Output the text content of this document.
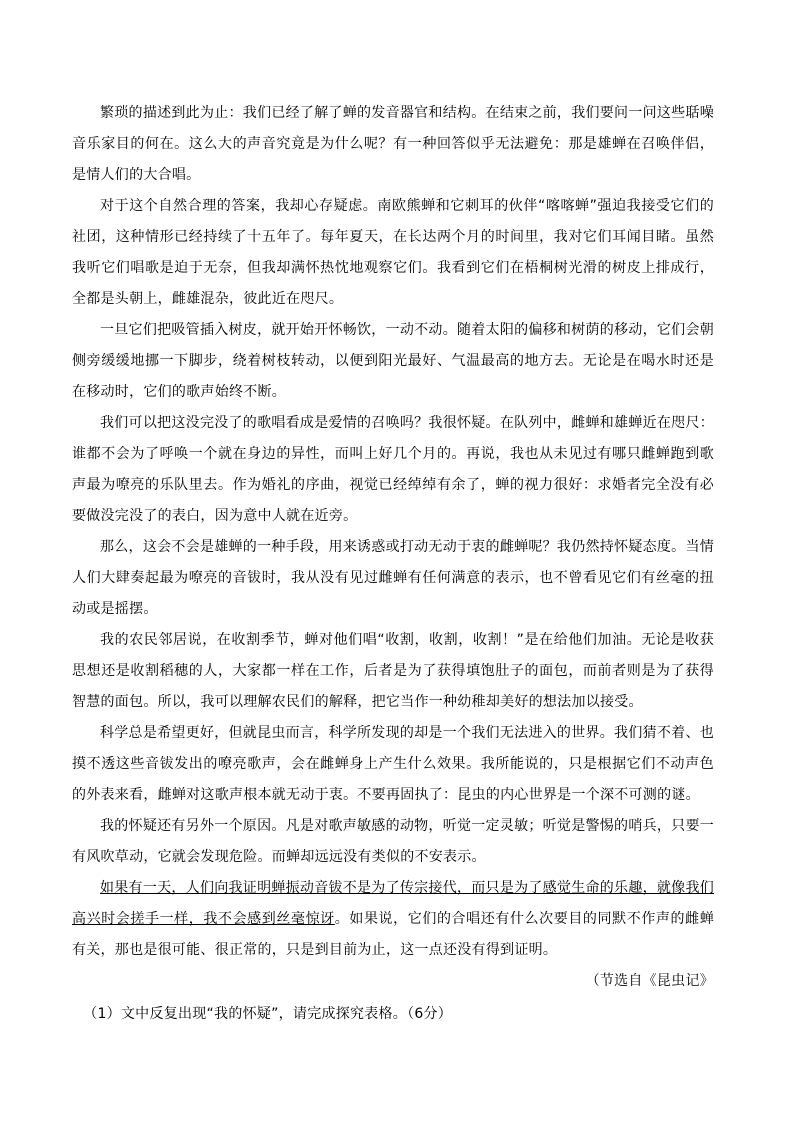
繁琐的描述到此为止：我们已经了解了蝉的发音器官和结构。在结束之前，我们要问一问这些聒噪音乐家目的何在。这么大的声音究竟是为什么呢？有一种回答似乎无法避免：那是雄蝉在召唤伴侣，是情人们的大合唱。

对于这个自然合理的答案，我却心存疑虑。南欧熊蝉和它刺耳的伙伴“喀喀蝉”强迫我接受它们的社团，这种情形已经持续了十五年了。每年夏天，在长达两个月的时间里，我对它们耳闻目睹。虽然我听它们唱歌是迫于无奈，但我却满怀热忱地观察它们。我看到它们在梧桐树光滑的树皮上排成行，全都是头朝上，雌雄混杂，彼此近在咫尺。

一旦它们把吸管插入树皮，就开始开怀畅饮，一动不动。随着太阳的偏移和树荫的移动，它们会朝侧旁缓缓地挪一下脚步，绕着树枝转动，以便到阳光最好、气温最高的地方去。无论是在喝水时还是在移动时，它们的歌声始终不断。

我们可以把这没完没了的歌唱看成是爱情的召唤吗？我很怀疑。在队列中，雌蝉和雄蝉近在咫尺：谁都不会为了呼唤一个就在身边的异性，而叫上好几个月的。再说，我也从未见过有哪只雌蝉跑到歌声最为嘹亮的乐队里去。作为婚礼的序曲，视觉已经绰绰有余了，蝉的视力很好：求婚者完全没有必要做没完没了的表白，因为意中人就在近旁。

那么，这会不会是雄蝉的一种手段，用来诱惑或打动无动于衷的雌蝉呢？我仍然持怀疑态度。当情人们大肆奏起最为嘹亮的音钹时，我从没有见过雌蝉有任何满意的表示，也不曾看见它们有丝毫的扭动或是摇摆。

我的农民邻居说，在收割季节，蝉对他们唱“收割，收割，收割！”是在给他们加油。无论是收获思想还是收割稻穗的人，大家都一样在工作，后者是为了获得填饱肚子的面包，而前者则是为了获得智慧的面包。所以，我可以理解农民们的解释，把它当作一种幼稚却美好的想法加以接受。

科学总是希望更好，但就昆虫而言，科学所发现的却是一个我们无法进入的世界。我们猜不着、也摸不透这些音钹发出的嘹亮歌声，会在雌蝉身上产生什么效果。我所能说的，只是根据它们不动声色的外表来看，雌蝉对这歌声根本就无动于衷。不要再固执了：昆虫的内心世界是一个深不可测的谜。

我的怀疑还有另外一个原因。凡是对歌声敏感的动物，听觉一定灵敏；听觉是警惕的哨兵，只要一有风吹草动，它就会发现危险。而蝉却远远没有类似的不安表示。

如果有一天，人们向我证明蝉振动音钹不是为了传宗接代，而只是为了感觉生命的乐趣，就像我们高兴时会搓手一样，我不会感到丝毫惊讶。如果说，它们的合唱还有什么次要目的同默不作声的雌蝉有关，那也是很可能、很正常的，只是到目前为止，这一点还没有得到证明。

（节选自《昆虫记》

（1）文中反复出现“我的怀疑”，请完成探究表格。（6分）
